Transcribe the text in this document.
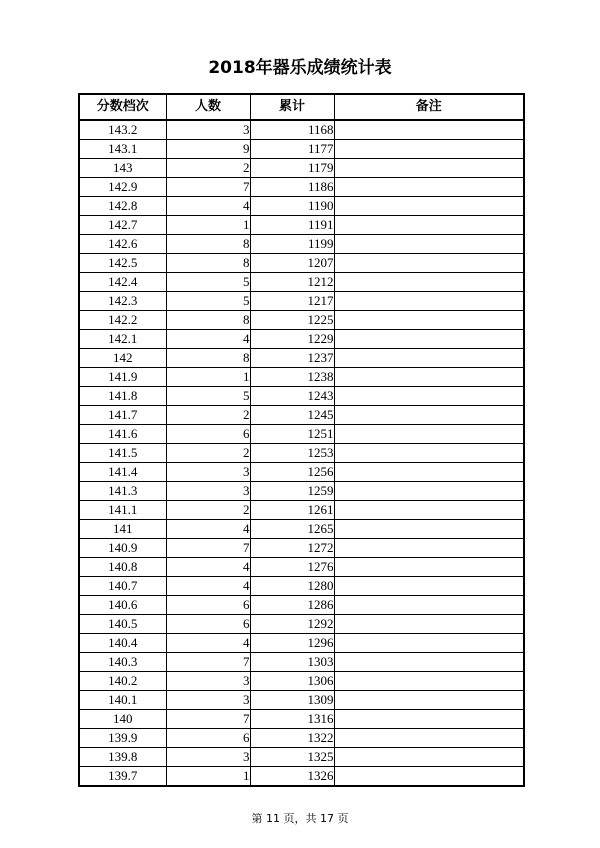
2018年器乐成绩统计表
分数档次	人数	累计	备注
143.2	3	1168	
143.1	9	1177	
143	2	1179	
142.9	7	1186	
142.8	4	1190	
142.7	1	1191	
142.6	8	1199	
142.5	8	1207	
142.4	5	1212	
142.3	5	1217	
142.2	8	1225	
142.1	4	1229	
142	8	1237	
141.9	1	1238	
141.8	5	1243	
141.7	2	1245	
141.6	6	1251	
141.5	2	1253	
141.4	3	1256	
141.3	3	1259	
141.1	2	1261	
141	4	1265	
140.9	7	1272	
140.8	4	1276	
140.7	4	1280	
140.6	6	1286	
140.5	6	1292	
140.4	4	1296	
140.3	7	1303	
140.2	3	1306	
140.1	3	1309	
140	7	1316	
139.9	6	1322	
139.8	3	1325	
139.7	1	1326	
第 11 页，共 17 页
